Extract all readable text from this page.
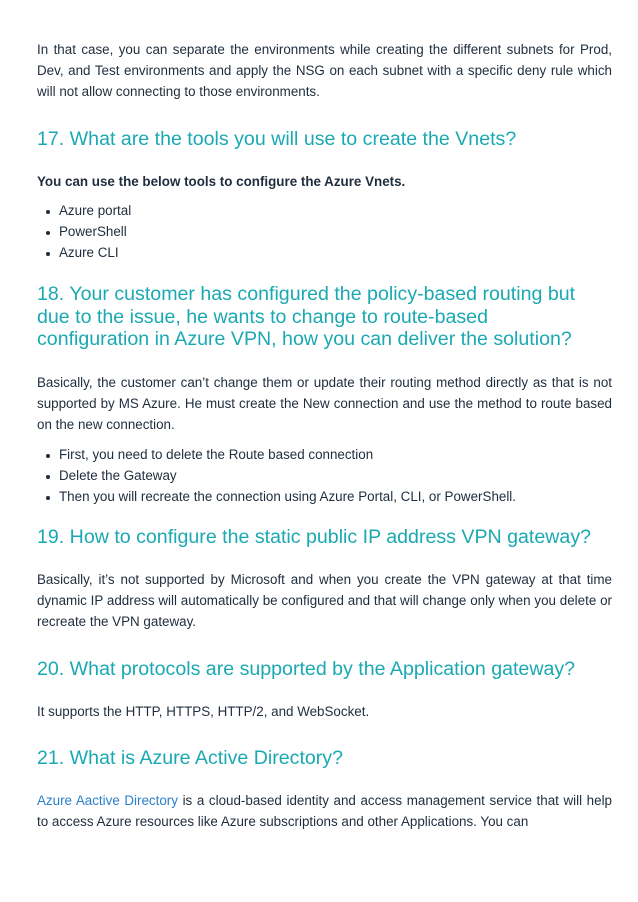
In that case, you can separate the environments while creating the different subnets for Prod, Dev, and Test environments and apply the NSG on each subnet with a specific deny rule which will not allow connecting to those environments.

17. What are the tools you will use to create the Vnets?

You can use the below tools to configure the Azure Vnets.

Azure portal
PowerShell
Azure CLI
18. Your customer has configured the policy-based routing but due to the issue, he wants to change to route-based configuration in Azure VPN, how you can deliver the solution?

Basically, the customer can’t change them or update their routing method directly as that is not supported by MS Azure. He must create the New connection and use the method to route based on the new connection.

First, you need to delete the Route based connection
Delete the Gateway
Then you will recreate the connection using Azure Portal, CLI, or PowerShell.
19. How to configure the static public IP address VPN gateway?

Basically, it’s not supported by Microsoft and when you create the VPN gateway at that time dynamic IP address will automatically be configured and that will change only when you delete or recreate the VPN gateway.

20. What protocols are supported by the Application gateway?

It supports the HTTP, HTTPS, HTTP/2, and WebSocket.

21. What is Azure Active Directory?

Azure Aactive Directory is a cloud-based identity and access management service that will help to access Azure resources like Azure subscriptions and other Applications. You can
